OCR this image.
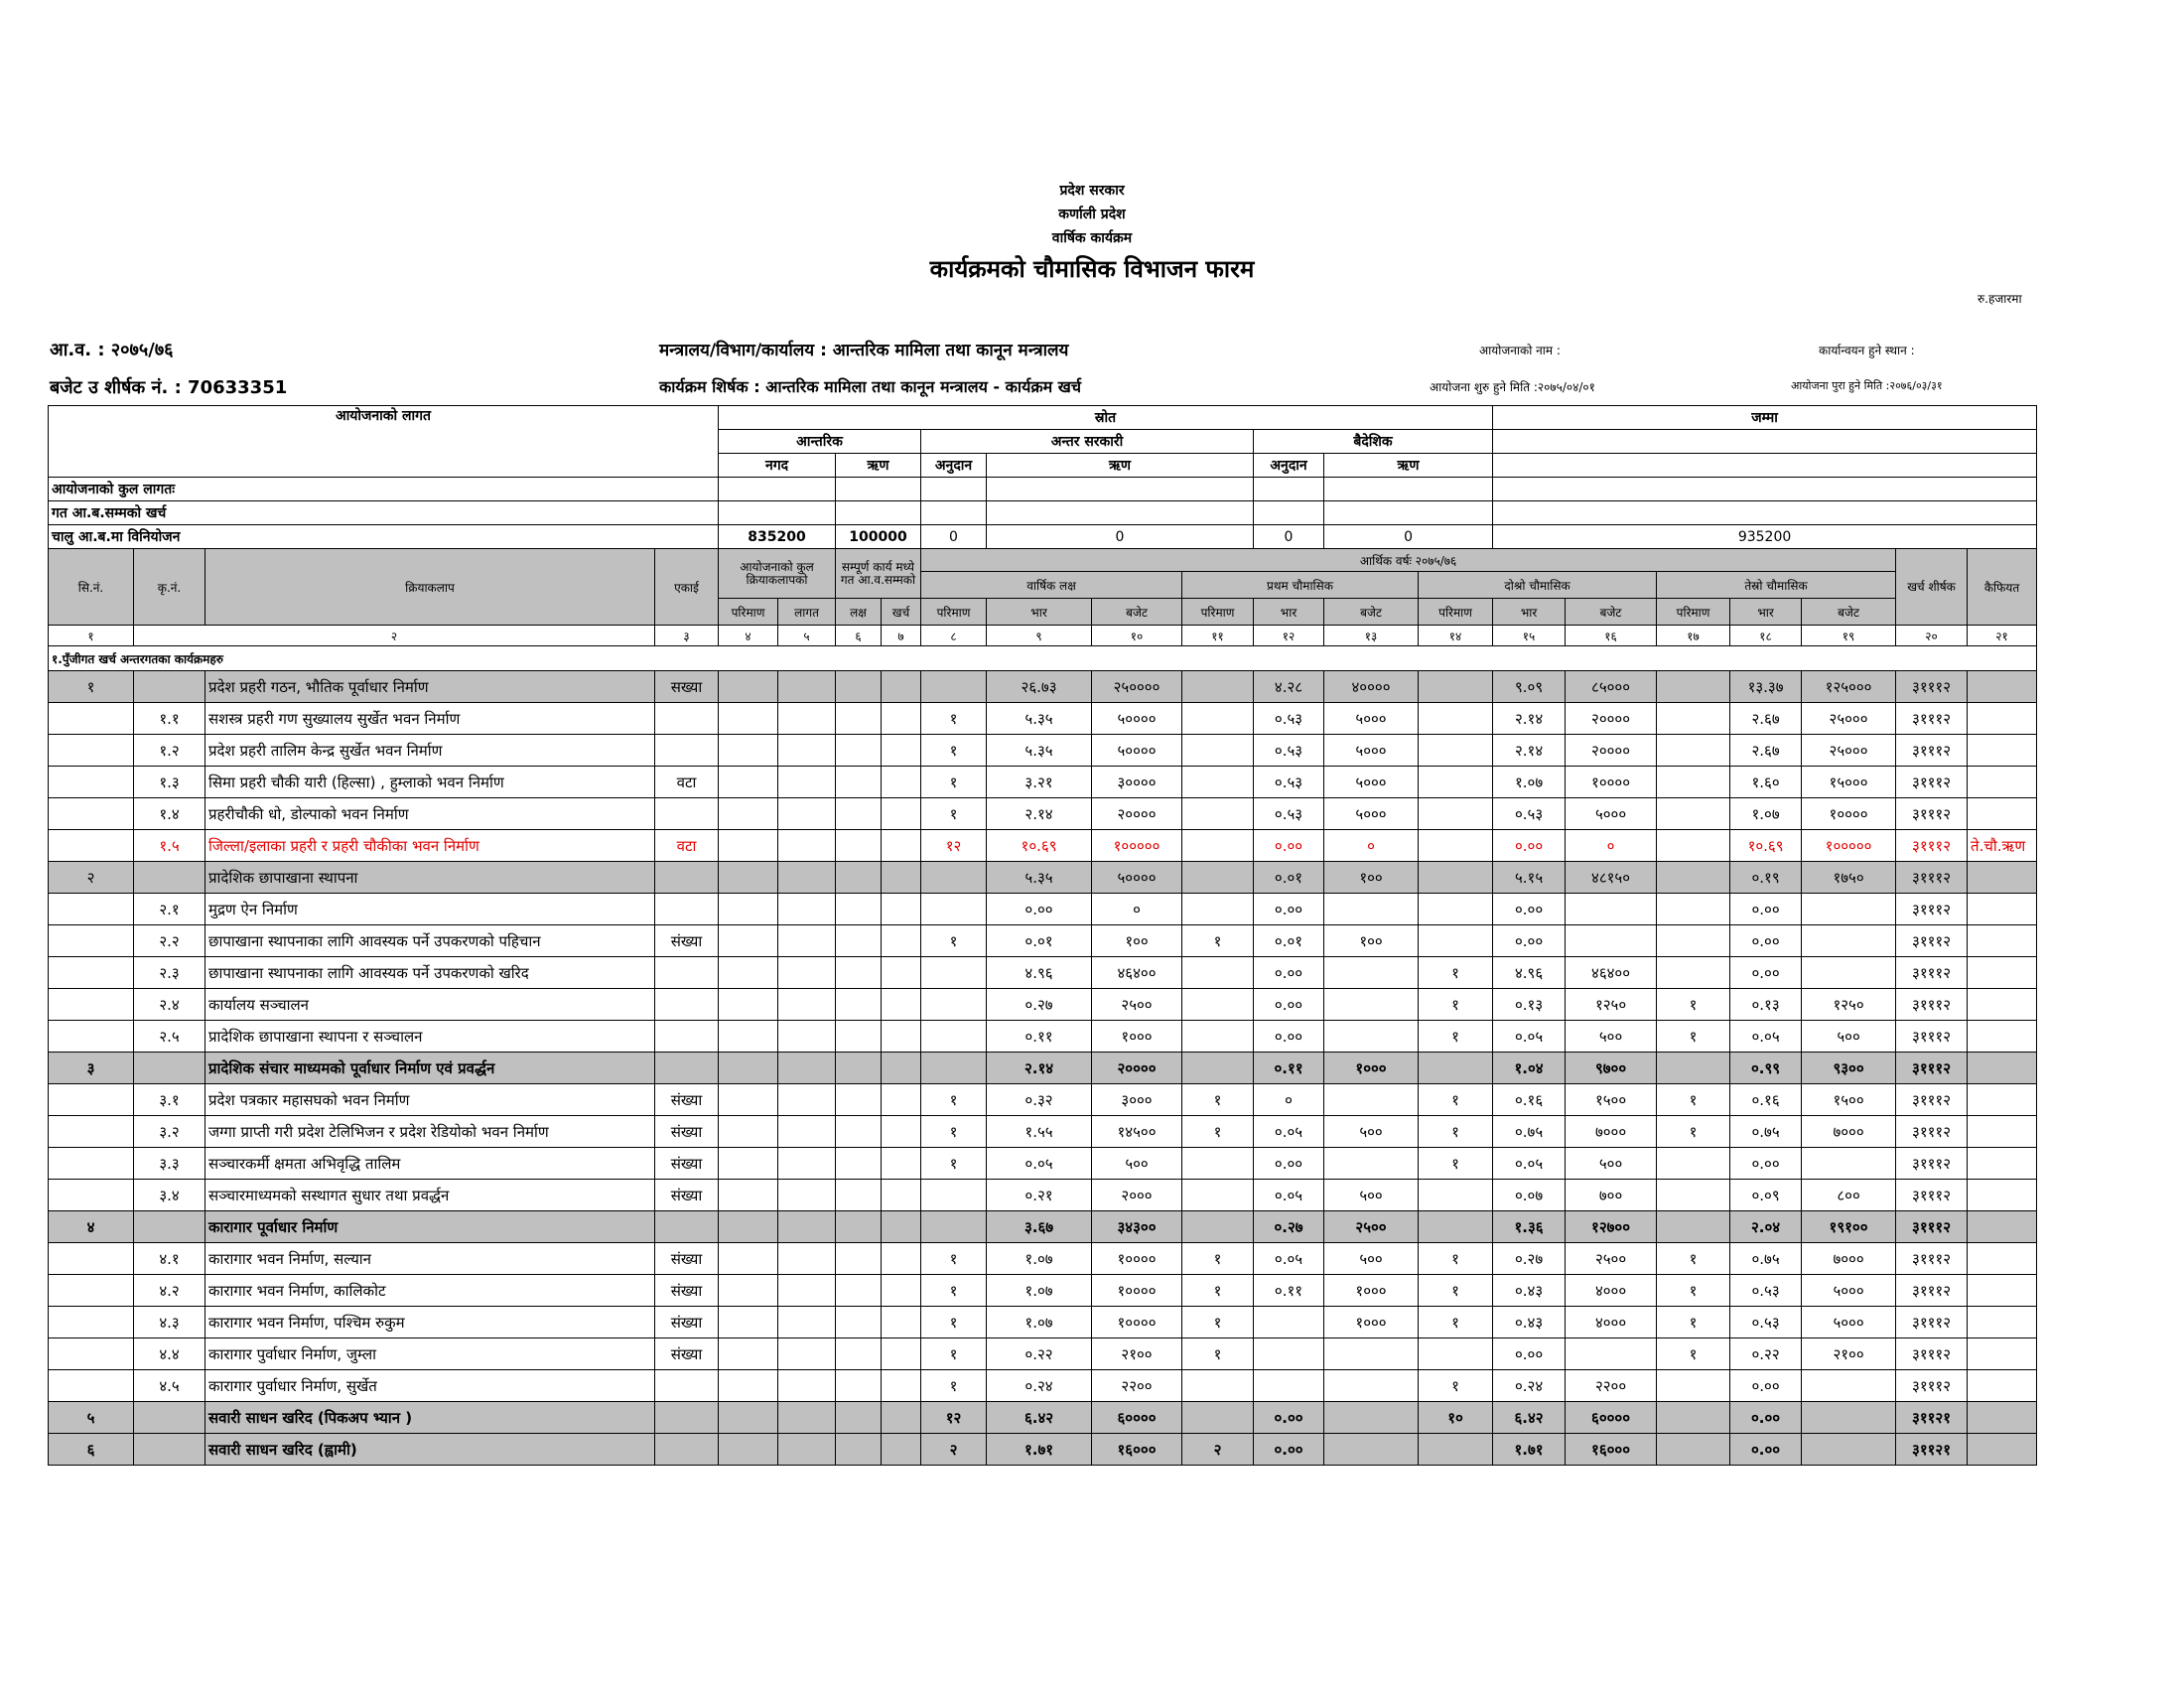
प्रदेश सरकार
कर्णाली प्रदेश
वार्षिक कार्यक्रम
कार्यक्रमको चौमासिक विभाजन फारम
रु.हजारमा
आ.व. : २०७५/७६
बजेट उ शीर्षक नं. : 70633351
मन्त्रालय/विभाग/कार्यालय : आन्तरिक मामिला तथा कानून मन्त्रालय
कार्यक्रम शिर्षक : आन्तरिक मामिला तथा कानून मन्त्रालय - कार्यक्रम खर्च
आयोजनाको नाम :	कार्यान्वयन हुने स्थान :
आयोजना शुरु हुने मिति :२०७५/०४/०१	आयोजना पुरा हुने मिति :२०७६/०३/३१
आयोजनाको लागत				स्रोत											जम्मा						
				आन्तरिक				अन्तर सरकारी				बैदेशिक									
				नगद		ऋण		अनुदान	ऋण			अनुदान	ऋण								
आयोजनाको कुल लागतः																					
गत आ.ब.सम्मको खर्च																					
चालु आ.ब.मा विनियोजन				835200		100000		0	0			0	0		935200						
सि.नं.	कृ.नं.	क्रियाकलाप	एकाई	आयोजनाको कुल क्रियाकलापको		सम्पूर्ण कार्य मध्ये गत आ.व.सम्मको		आर्थिक वर्षः २०७५/७६												खर्च शीर्षक	कैफियत
								वार्षिक लक्ष			प्रथम चौमासिक			दोश्रो चौमासिक			तेस्रो चौमासिक				
				परिमाण	लागत	लक्ष	खर्च	परिमाण	भार	बजेट	परिमाण	भार	बजेट	परिमाण	भार	बजेट	परिमाण	भार	बजेट		
१	२		३	४	५	६	७	८	९	१०	११	१२	१३	१४	१५	१६	१७	१८	१९	२०	२१
१.पुँजीगत खर्च अन्तरगतका कार्यक्रमहरु																					
१		प्रदेश प्रहरी गठन, भौतिक पूर्वाधार निर्माण	सख्या						२६.७३	२५००००		४.२८	४००००		९.०९	८५०००		१३.३७	१२५०००	३१११२	
	१.१	सशस्त्र प्रहरी गण सुख्यालय सुर्खेत भवन निर्माण						१	५.३५	५००००		०.५३	५०००		२.१४	२००००		२.६७	२५०००	३१११२	
	१.२	प्रदेश प्रहरी तालिम केन्द्र सुर्खेत भवन निर्माण						१	५.३५	५००००		०.५३	५०००		२.१४	२००००		२.६७	२५०००	३१११२	
	१.३	सिमा प्रहरी चौकी यारी (हिल्सा) , हुम्लाको भवन निर्माण	वटा					१	३.२१	३००००		०.५३	५०००		१.०७	१००००		१.६०	१५०००	३१११२	
	१.४	प्रहरीचौकी धो, डोल्पाको भवन निर्माण						१	२.१४	२००००		०.५३	५०००		०.५३	५०००		१.०७	१००००	३१११२	
	१.५	जिल्ला/इलाका प्रहरी र प्रहरी चौकीका भवन निर्माण	वटा					१२	१०.६९	१०००००		०.००	०		०.००	०		१०.६९	१०००००	३१११२	ते.चौ.ऋण
२		प्रादेशिक छापाखाना स्थापना							५.३५	५००००		०.०१	१००		५.१५	४८१५०		०.१९	१७५०	३१११२	
	२.१	मुद्रण ऐन निर्माण							०.००	०		०.००			०.००			०.००		३१११२	
	२.२	छापाखाना स्थापनाका लागि आवस्यक पर्ने उपकरणको पहिचान	संख्या					१	०.०१	१००	१	०.०१	१००		०.००			०.००		३१११२	
	२.३	छापाखाना स्थापनाका लागि आवस्यक पर्ने उपकरणको खरिद							४.९६	४६४००		०.००		१	४.९६	४६४००		०.००		३१११२	
	२.४	कार्यालय सञ्चालन							०.२७	२५००		०.००		१	०.१३	१२५०	१	०.१३	१२५०	३१११२	
	२.५	प्रादेशिक छापाखाना स्थापना र सञ्चालन							०.११	१०००		०.००		१	०.०५	५००	१	०.०५	५००	३१११२	
३		प्रादेशिक संचार माध्यमको पूर्वाधार निर्माण एवं प्रवर्द्धन							२.१४	२००००		०.११	१०००		१.०४	९७००		०.९९	९३००	३१११२	
	३.१	प्रदेश पत्रकार महासघको भवन निर्माण	संख्या					१	०.३२	३०००	१	०		१	०.१६	१५००	१	०.१६	१५००	३१११२	
	३.२	जग्गा प्राप्ती गरी प्रदेश टेलिभिजन र प्रदेश रेडियोको भवन निर्माण	संख्या					१	१.५५	१४५००	१	०.०५	५००	१	०.७५	७०००	१	०.७५	७०००	३१११२	
	३.३	सञ्चारकर्मी क्षमता अभिवृद्धि तालिम	संख्या					१	०.०५	५००		०.००		१	०.०५	५००		०.००		३१११२	
	३.४	सञ्चारमाध्यमको सस्थागत सुधार तथा प्रवर्द्धन	संख्या						०.२१	२०००		०.०५	५००		०.०७	७००		०.०९	८००	३१११२	
४		कारागार पूर्वाधार निर्माण							३.६७	३४३००		०.२७	२५००		१.३६	१२७००		२.०४	१९१००	३१११२	
	४.१	कारागार भवन निर्माण, सल्यान	संख्या					१	१.०७	१००००	१	०.०५	५००	१	०.२७	२५००	१	०.७५	७०००	३१११२	
	४.२	कारागार भवन निर्माण, कालिकोट	संख्या					१	१.०७	१००००	१	०.११	१०००	१	०.४३	४०००	१	०.५३	५०००	३१११२	
	४.३	कारागार भवन निर्माण, पश्चिम रुकुम	संख्या					१	१.०७	१००००	१		१०००	१	०.४३	४०००	१	०.५३	५०००	३१११२	
	४.४	कारागार पुर्वाधार निर्माण, जुम्ला	संख्या					१	०.२२	२१००	१				०.००		१	०.२२	२१००	३१११२	
	४.५	कारागार पुर्वाधार निर्माण, सुर्खेत						१	०.२४	२२००				१	०.२४	२२००		०.००		३१११२	
५		सवारी साधन खरिद (पिकअप भ्यान )						१२	६.४२	६००००		०.००		१०	६.४२	६००००		०.००		३११२१	
६		सवारी साधन खरिद (ह्वामी)						२	१.७१	१६०००	२	०.००			१.७१	१६०००		०.००		३११२१	
